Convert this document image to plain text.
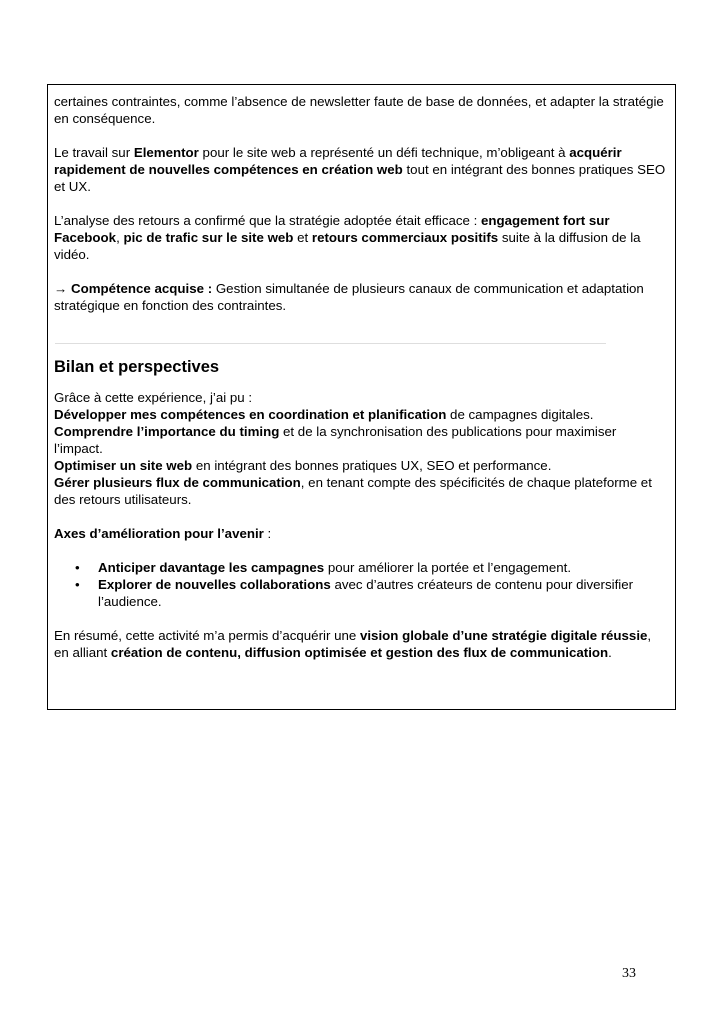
certaines contraintes, comme l’absence de newsletter faute de base de données, et adapter la stratégie en conséquence.

Le travail sur Elementor pour le site web a représenté un défi technique, m’obligeant à acquérir rapidement de nouvelles compétences en création web tout en intégrant des bonnes pratiques SEO et UX.

L’analyse des retours a confirmé que la stratégie adoptée était efficace : engagement fort sur Facebook, pic de trafic sur le site web et retours commerciaux positifs suite à la diffusion de la vidéo.

→ Compétence acquise : Gestion simultanée de plusieurs canaux de communication et adaptation stratégique en fonction des contraintes.

Bilan et perspectives

Grâce à cette expérience, j’ai pu :

Développer mes compétences en coordination et planification de campagnes digitales.

Comprendre l’importance du timing et de la synchronisation des publications pour maximiser l’impact.

Optimiser un site web en intégrant des bonnes pratiques UX, SEO et performance.

Gérer plusieurs flux de communication, en tenant compte des spécificités de chaque plateforme et des retours utilisateurs.

Axes d’amélioration pour l’avenir :

• Anticiper davantage les campagnes pour améliorer la portée et l’engagement.
• Explorer de nouvelles collaborations avec d’autres créateurs de contenu pour diversifier l’audience.

En résumé, cette activité m’a permis d’acquérir une vision globale d’une stratégie digitale réussie, en alliant création de contenu, diffusion optimisée et gestion des flux de communication.

33
